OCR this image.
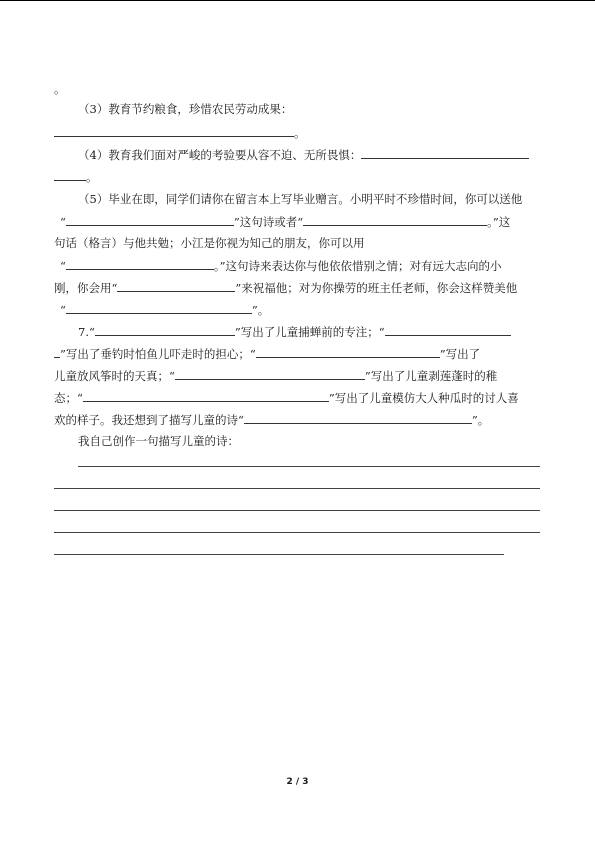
。
（3）教育节约粮食，珍惜农民劳动成果：
。
（4）教育我们面对严峻的考验要从容不迫、无所畏惧：
。
（5）毕业在即，同学们请你在留言本上写毕业赠言。小明平时不珍惜时间，你可以送他
“	”这句诗或者“	。”这
句话（格言）与他共勉；小江是你视为知己的朋友，你可以用
“	。”这句诗来表达你与他依依惜别之情；对有远大志向的小
刚，你会用“	”来祝福他；对为你操劳的班主任老师，你会这样赞美他
“	”。
7.“	”写出了儿童捕蝉前的专注；“
”写出了垂钓时怕鱼儿吓走时的担心；“	”写出了
儿童放风筝时的天真；“	”写出了儿童剥莲蓬时的稚
态；“	”写出了儿童模仿大人种瓜时的讨人喜
欢的样子。我还想到了描写儿童的诗“	”。
我自己创作一句描写儿童的诗：
2 / 3
